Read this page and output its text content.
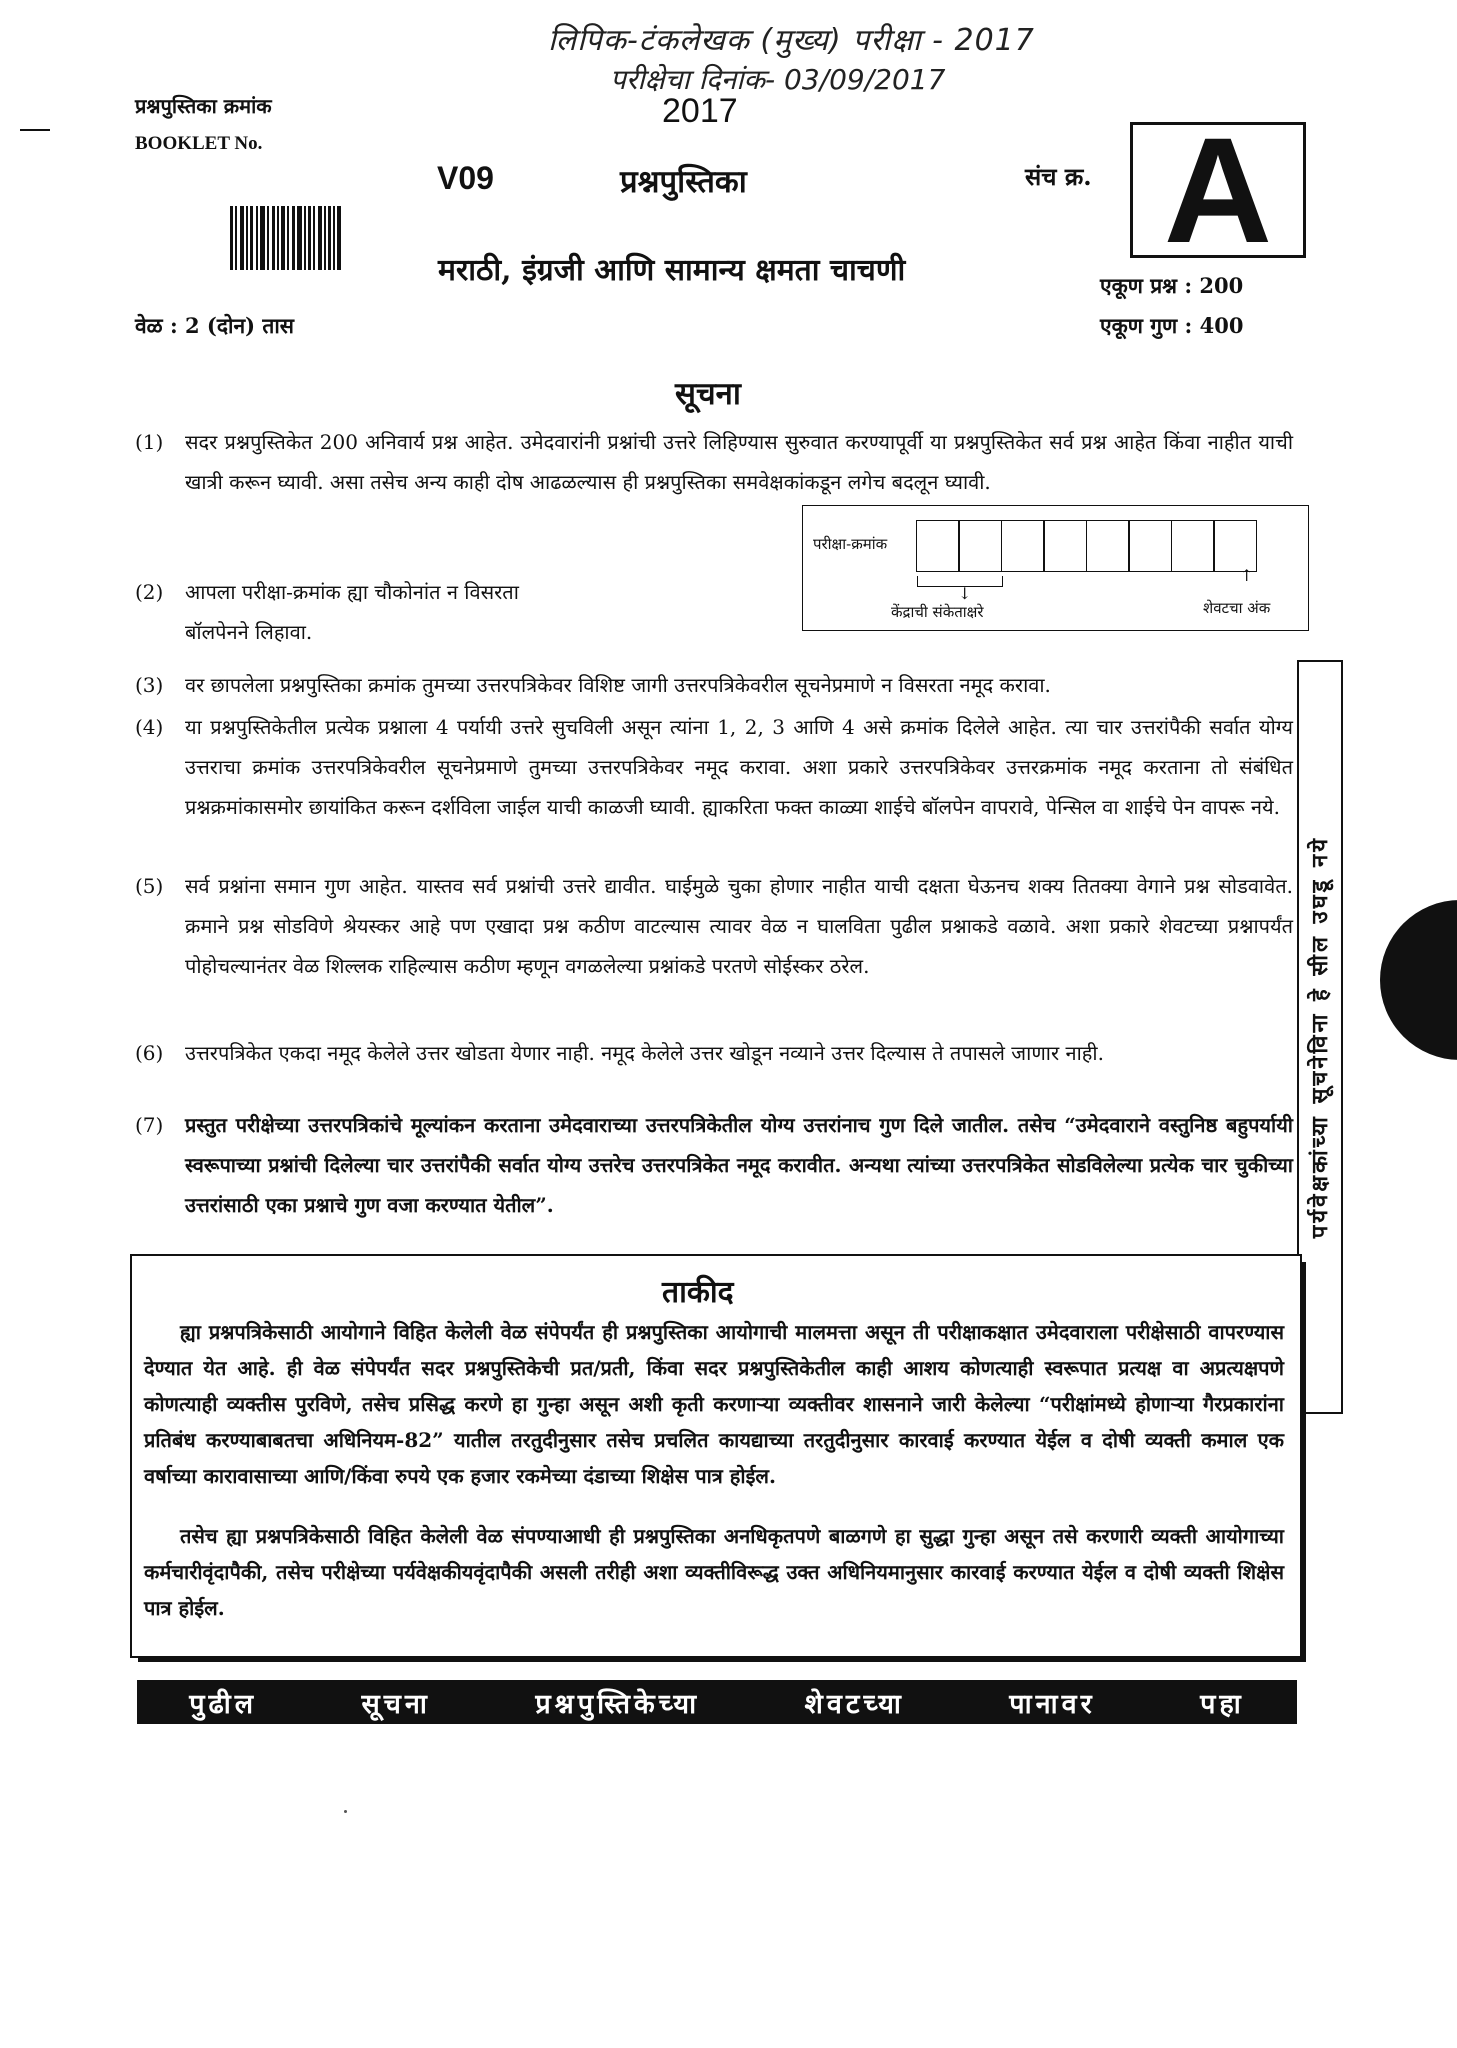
लिपिक-टंकलेखक (मुख्य) परीक्षा - 2017
परीक्षेचा दिनांक- 03/09/2017
2017
प्रश्नपुस्तिका क्रमांक
BOOKLET No.
V09	प्रश्नपुस्तिका
मराठी, इंग्रजी आणि सामान्य क्षमता चाचणी
संच क्र. A
वेळ : 2 (दोन) तास
एकूण प्रश्न : 200
एकूण गुण : 400
सूचना
(1)	सदर प्रश्नपुस्तिकेत 200 अनिवार्य प्रश्न आहेत. उमेदवारांनी प्रश्नांची उत्तरे लिहिण्यास सुरुवात करण्यापूर्वी या प्रश्नपुस्तिकेत सर्व प्रश्न आहेत किंवा नाहीत याची खात्री करून घ्यावी. असा तसेच अन्य काही दोष आढळल्यास ही प्रश्नपुस्तिका समवेक्षकांकडून लगेच बदलून घ्यावी.
परीक्षा-क्रमांक
↓
केंद्राची संकेताक्षरे
↑
शेवटचा अंक
(2)	आपला परीक्षा-क्रमांक ह्या चौकोनांत न विसरता बॉलपेनने लिहावा.
(3)	वर छापलेला प्रश्नपुस्तिका क्रमांक तुमच्या उत्तरपत्रिकेवर विशिष्ट जागी उत्तरपत्रिकेवरील सूचनेप्रमाणे न विसरता नमूद करावा.
(4)	या प्रश्नपुस्तिकेतील प्रत्येक प्रश्नाला 4 पर्यायी उत्तरे सुचविली असून त्यांना 1, 2, 3 आणि 4 असे क्रमांक दिलेले आहेत. त्या चार उत्तरांपैकी सर्वात योग्य उत्तराचा क्रमांक उत्तरपत्रिकेवरील सूचनेप्रमाणे तुमच्या उत्तरपत्रिकेवर नमूद करावा. अशा प्रकारे उत्तरपत्रिकेवर उत्तरक्रमांक नमूद करताना तो संबंधित प्रश्नक्रमांकासमोर छायांकित करून दर्शविला जाईल याची काळजी घ्यावी. ह्याकरिता फक्त काळ्या शाईचे बॉलपेन वापरावे, पेन्सिल वा शाईचे पेन वापरू नये.
(5)	सर्व प्रश्नांना समान गुण आहेत. यास्तव सर्व प्रश्नांची उत्तरे द्यावीत. घाईमुळे चुका होणार नाहीत याची दक्षता घेऊनच शक्य तितक्या वेगाने प्रश्न सोडवावेत. क्रमाने प्रश्न सोडविणे श्रेयस्कर आहे पण एखादा प्रश्न कठीण वाटल्यास त्यावर वेळ न घालविता पुढील प्रश्नाकडे वळावे. अशा प्रकारे शेवटच्या प्रश्नापर्यंत पोहोचल्यानंतर वेळ शिल्लक राहिल्यास कठीण म्हणून वगळलेल्या प्रश्नांकडे परतणे सोईस्कर ठरेल.
(6)	उत्तरपत्रिकेत एकदा नमूद केलेले उत्तर खोडता येणार नाही. नमूद केलेले उत्तर खोडून नव्याने उत्तर दिल्यास ते तपासले जाणार नाही.
(7)	प्रस्तुत परीक्षेच्या उत्तरपत्रिकांचे मूल्यांकन करताना उमेदवाराच्या उत्तरपत्रिकेतील योग्य उत्तरांनाच गुण दिले जातील. तसेच “उमेदवाराने वस्तुनिष्ठ बहुपर्यायी स्वरूपाच्या प्रश्नांची दिलेल्या चार उत्तरांपैकी सर्वात योग्य उत्तरेच उत्तरपत्रिकेत नमूद करावीत. अन्यथा त्यांच्या उत्तरपत्रिकेत सोडविलेल्या प्रत्येक चार चुकीच्या उत्तरांसाठी एका प्रश्नाचे गुण वजा करण्यात येतील”.	पर्यवेक्षकांच्या सूचनेविना हे सील उघडू नये
ताकीद
ह्या प्रश्नपत्रिकेसाठी आयोगाने विहित केलेली वेळ संपेपर्यंत ही प्रश्नपुस्तिका आयोगाची मालमत्ता असून ती परीक्षाकक्षात उमेदवाराला परीक्षेसाठी वापरण्यास देण्यात येत आहे. ही वेळ संपेपर्यंत सदर प्रश्नपुस्तिकेची प्रत/प्रती, किंवा सदर प्रश्नपुस्तिकेतील काही आशय कोणत्याही स्वरूपात प्रत्यक्ष वा अप्रत्यक्षपणे कोणत्याही व्यक्तीस पुरविणे, तसेच प्रसिद्ध करणे हा गुन्हा असून अशी कृती करणाऱ्या व्यक्तीवर शासनाने जारी केलेल्या “परीक्षांमध्ये होणाऱ्या गैरप्रकारांना प्रतिबंध करण्याबाबतचा अधिनियम-82” यातील तरतुदीनुसार तसेच प्रचलित कायद्याच्या तरतुदीनुसार कारवाई करण्यात येईल व दोषी व्यक्ती कमाल एक वर्षाच्या कारावासाच्या आणि/किंवा रुपये एक हजार रकमेच्या दंडाच्या शिक्षेस पात्र होईल.
तसेच ह्या प्रश्नपत्रिकेसाठी विहित केलेली वेळ संपण्याआधी ही प्रश्नपुस्तिका अनधिकृतपणे बाळगणे हा सुद्धा गुन्हा असून तसे करणारी व्यक्ती आयोगाच्या कर्मचारीवृंदापैकी, तसेच परीक्षेच्या पर्यवेक्षकीयवृंदापैकी असली तरीही अशा व्यक्तीविरूद्ध उक्त अधिनियमानुसार कारवाई करण्यात येईल व दोषी व्यक्ती शिक्षेस पात्र होईल.
पुढील	सूचना	प्रश्नपुस्तिकेच्या	शेवटच्या	पानावर	पहा
